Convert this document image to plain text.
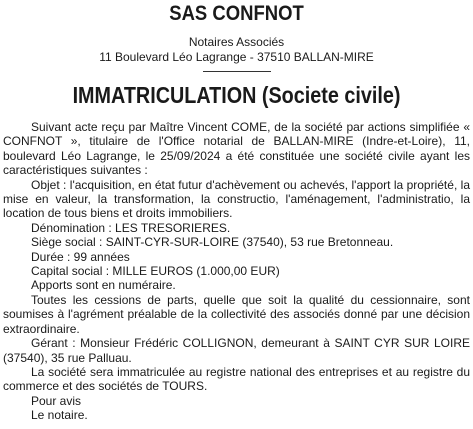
SAS CONFNOT
Notaires Associés
11 Boulevard Léo Lagrange - 37510 BALLAN-MIRE
IMMATRICULATION (Societe civile)

Suivant acte reçu par Maître Vincent COME, de la société par actions simplifiée « CONFNOT », titulaire de l'Office notarial de BALLAN-MIRE (Indre-et-Loire), 11, boulevard Léo Lagrange, le 25/09/2024 a été constituée une société civile ayant les caractéristiques suivantes :

Objet : l'acquisition, en état futur d'achèvement ou achevés, l'apport la propriété, la mise en valeur, la transformation, la constructio, l'aménagement, l'administratio, la location de tous biens et droits immobiliers.

Dénomination : LES TRESORIERES.

Siège social : SAINT-CYR-SUR-LOIRE (37540), 53 rue Bretonneau.

Durée : 99 années

Capital social : MILLE EUROS (1.000,00 EUR)

Apports sont en numéraire.

Toutes les cessions de parts, quelle que soit la qualité du cessionnaire, sont soumises à l'agrément préalable de la collectivité des associés donné par une décision extraordinaire.

Gérant : Monsieur Frédéric COLLIGNON, demeurant à SAINT CYR SUR LOIRE (37540), 35 rue Palluau.

La société sera immatriculée au registre national des entreprises et au registre du commerce et des sociétés de TOURS.

Pour avis

Le notaire.
